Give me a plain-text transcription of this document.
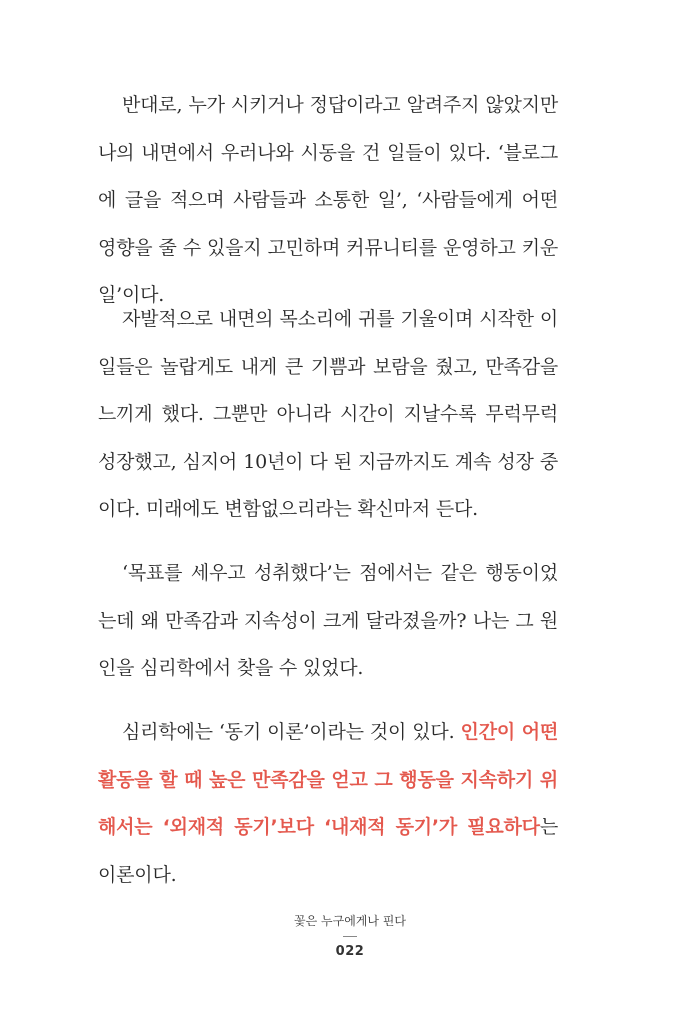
반대로, 누가 시키거나 정답이라고 알려주지 않았지만 나의 내면에서 우러나와 시동을 건 일들이 있다. ‘블로그에 글을 적으며 사람들과 소통한 일’, ‘사람들에게 어떤 영향을 줄 수 있을지 고민하며 커뮤니티를 운영하고 키운 일’이다.

자발적으로 내면의 목소리에 귀를 기울이며 시작한 이 일들은 놀랍게도 내게 큰 기쁨과 보람을 줬고, 만족감을 느끼게 했다. 그뿐만 아니라 시간이 지날수록 무럭무럭 성장했고, 심지어 10년이 다 된 지금까지도 계속 성장 중이다. 미래에도 변함없으리라는 확신마저 든다.

‘목표를 세우고 성취했다’는 점에서는 같은 행동이었는데 왜 만족감과 지속성이 크게 달라졌을까? 나는 그 원인을 심리학에서 찾을 수 있었다.

심리학에는 ‘동기 이론’이라는 것이 있다. 인간이 어떤 활동을 할 때 높은 만족감을 얻고 그 행동을 지속하기 위해서는 ‘외재적 동기’보다 ‘내재적 동기’가 필요하다는 이론이다.

꽃은 누구에게나 핀다
022
